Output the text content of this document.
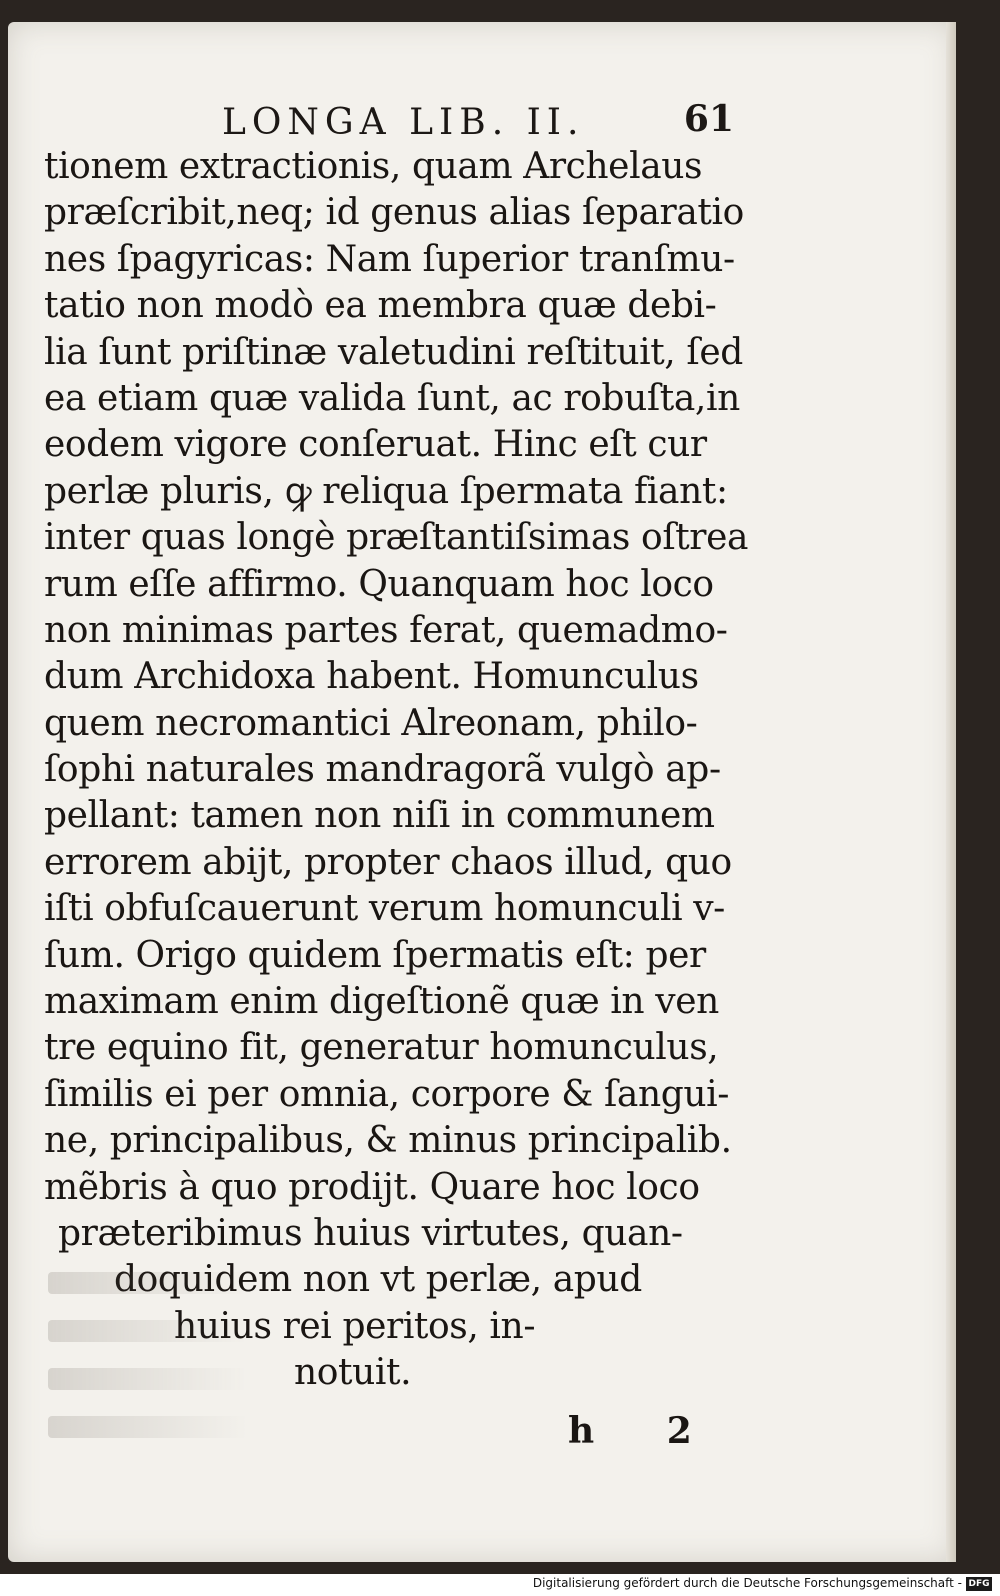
LONGA LIB. II.	61
tionem extractionis, quam Archelaus
præſcribit,neq; id genus alias ſeparatio
nes ſpagyricas: Nam ſuperior tranſmu-
tatio non modò ea membra quæ debi-
lia ſunt priſtinæ valetudini reſtituit, ſed
ea etiam quæ valida ſunt, ac robuſta,in
eodem vigore conſeruat. Hinc eſt cur
perlæ pluris, ꝙ reliqua ſpermata fiant:
inter quas longè præſtantiſsimas oſtrea
rum eſſe affirmo. Quanquam hoc loco
non minimas partes ferat, quemadmo-
dum Archidoxa habent. Homunculus
quem necromantici Alreonam, philo-
ſophi naturales mandragorã vulgò ap-
pellant: tamen non niſi in communem
errorem abijt, propter chaos illud, quo
iſti obfuſcauerunt verum homunculi v-
ſum. Origo quidem ſpermatis eſt: per
maximam enim digeſtionẽ quæ in ven
tre equino fit, generatur homunculus,
ſimilis ei per omnia, corpore & ſangui-
ne, principalibus, & minus principalib.
mẽbris à quo prodijt. Quare hoc loco
præteribimus huius virtutes, quan-
doquidem non vt perlæ, apud
huius rei peritos, in-
notuit.
h 2
Digitalisierung gefördert durch die Deutsche Forschungsgemeinschaft - DFG
